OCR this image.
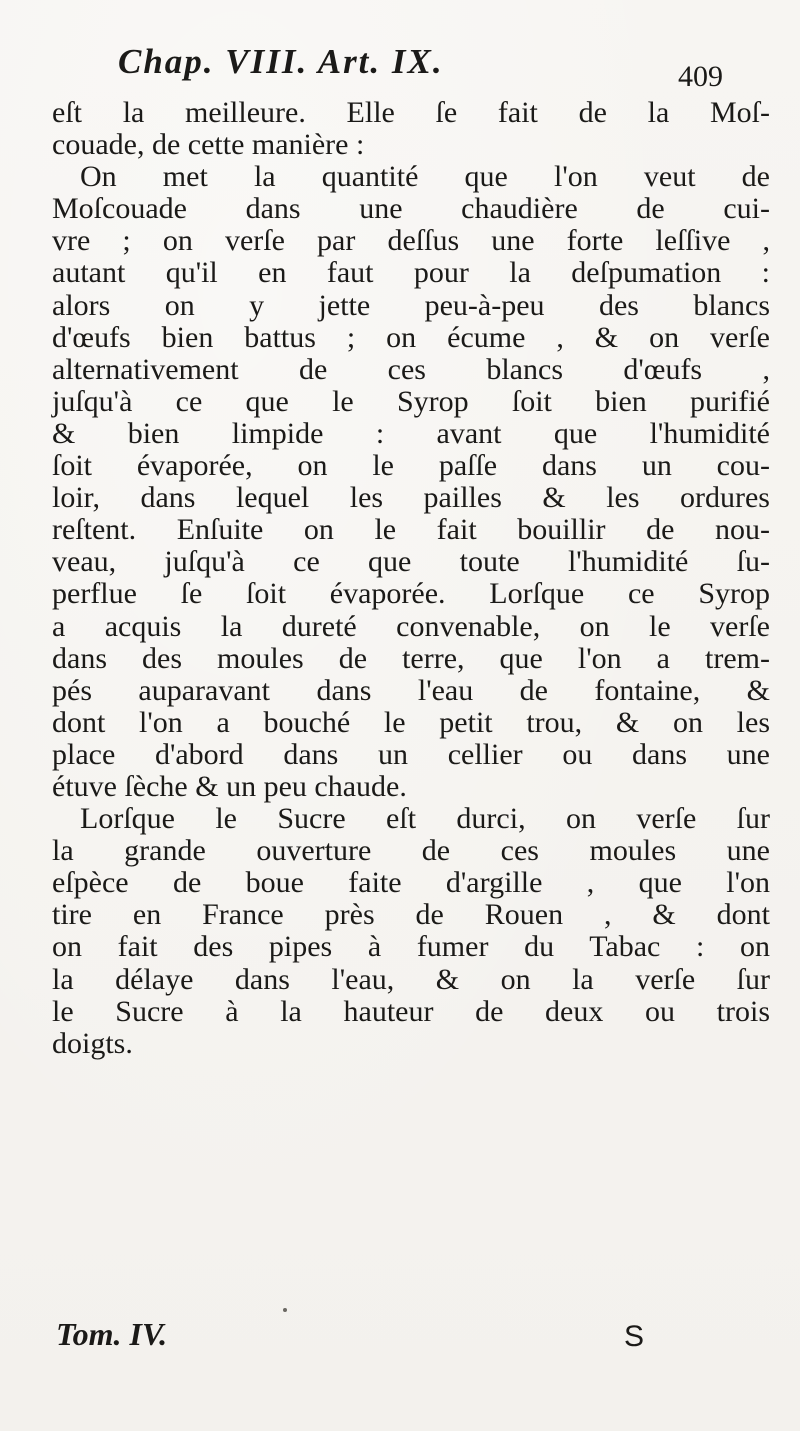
Chap. VIII. Art. IX.	409
eſt la meilleure. Elle ſe fait de la Moſ-
couade, de cette manière :
On met la quantité que l'on veut de
Moſcouade dans une chaudière de cui-
vre ; on verſe par deſſus une forte leſſive ,
autant qu'il en faut pour la deſpumation :
alors on y jette peu-à-peu des blancs
d'œufs bien battus ; on écume , & on verſe
alternativement de ces blancs d'œufs ,
juſqu'à ce que le Syrop ſoit bien purifié
& bien limpide : avant que l'humidité
ſoit évaporée, on le paſſe dans un cou-
loir, dans lequel les pailles & les ordures
reſtent. Enſuite on le fait bouillir de nou-
veau, juſqu'à ce que toute l'humidité ſu-
perflue ſe ſoit évaporée. Lorſque ce Syrop
a acquis la dureté convenable, on le verſe
dans des moules de terre, que l'on a trem-
pés auparavant dans l'eau de fontaine, &
dont l'on a bouché le petit trou, & on les
place d'abord dans un cellier ou dans une
étuve ſèche & un peu chaude.
Lorſque le Sucre eſt durci, on verſe ſur
la grande ouverture de ces moules une
eſpèce de boue faite d'argille , que l'on
tire en France près de Rouen , & dont
on fait des pipes à fumer du Tabac : on
la délaye dans l'eau, & on la verſe ſur
le Sucre à la hauteur de deux ou trois
doigts.
Tom. IV.	S
